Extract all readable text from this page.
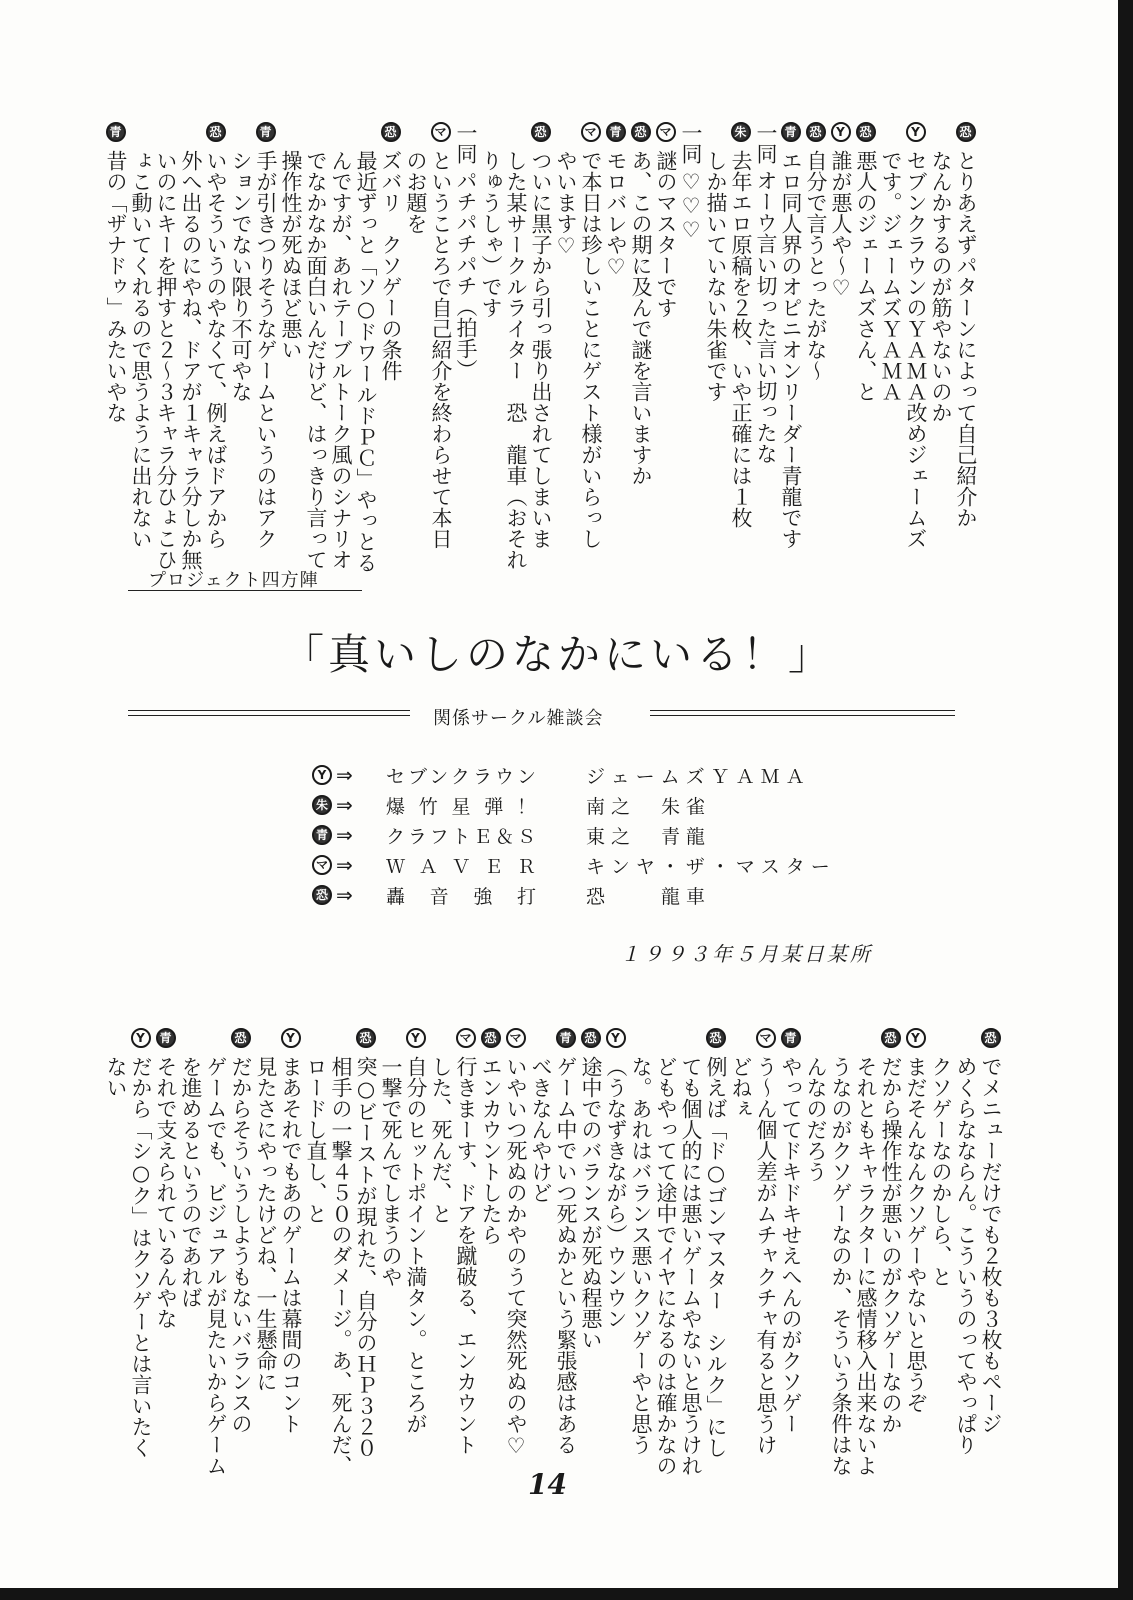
恐
とりあえずパターンによって自己紹介か
なんかするのが筋やないのか
Y
セブンクラウンのＹＡＭＡ改めジェームズ
です。ジェームズＹＡＭＡ
恐
悪人のジェームズさん、と
Y
誰が悪人や〜♡
恐
自分で言うとったがな〜
青
エロ同人界のオピニオンリーダー青龍です
一同
オーウ言い切った言い切ったな
朱
去年エロ原稿を２枚、いや正確には１枚
しか描いていない朱雀です
一同
♡♡♡
マ
謎のマスターです
恐
あ、この期に及んで謎を言いますか
青
モロバレや♡
マ
で本日は珍しいことにゲスト様がいらっし
やいます♡
恐
ついに黒子から引っ張り出されてしまいま
した某サークルライター　恐　龍車（おそれ
りゅうしゃ）です
一同
パチパチパチ（拍手）
マ
ということろで自己紹介を終わらせて本日
のお題を
恐
ズバリ　クソゲーの条件
最近ずっと「ソ○ドワールドＰＣ」やっとる
んですが、あれテーブルトーク風のシナリオ
でなかなか面白いんだけど、はっきり言って
操作性が死ぬほど悪い
青
手が引きつりそうなゲームというのはアク
ションでない限り不可やな
恐
いやそういうのやなくて、例えばドアから
外へ出るのにやね、ドアが１キャラ分しか無
いのにキーを押すと２〜３キャラ分ひょこひ
ょこ動いてくれるので思うように出れない
青
昔の「ザナドゥ」みたいやな
プロジェクト四方陣
「真いしのなかにいる！」
関係サークル雑談会
Y ⇒	セブンクラウン	ジェームズＹＡＭＡ
朱 ⇒	爆竹星弾！	南之　朱雀
青 ⇒	クラフトＥ＆Ｓ	東之　青龍
マ ⇒	ＷＡＶＥＲ	キンヤ・ザ・マスター
恐 ⇒	轟音強打	恐　　龍車
１９９３年５月某日某所
恐
でメニューだけでも２枚も３枚もページ
めくらなならん。こういうのってやっぱり
クソゲーなのかしら、と
Y
まだそんなんクソゲーやないと思うぞ
恐
だから操作性が悪いのがクソゲーなのか
それともキャラクターに感情移入出来ないよ
うなのがクソゲーなのか、そういう条件はな
んなのだろう
青
やっててドキドキせえへんのがクソゲー
マ
う〜ん個人差がムチャクチャ有ると思うけ
どねぇ
恐
例えば「ド○ゴンマスター　シルク」にし
ても個人的には悪いゲームやないと思うけれ
どもやってて途中でイヤになるのは確かなの
な。あれはバランス悪いクソゲーやと思う
Y
（うなずきながら）ウンウン
恐
途中でのバランスが死ぬ程悪い
青
ゲーム中でいつ死ぬかという緊張感はある
べきなんやけど
マ
いやいつ死ぬのかやのうて突然死ぬのや♡
恐
エンカウントしたら
マ
行きまーす、ドアを蹴破る、エンカウント
した、死んだ、と
Y
自分のヒットポイント満タン。ところが
一撃で死んでしまうのや
恐
突○ビーストが現れた、自分のＨＰ３２０
相手の一撃４５０のダメージ。あ、死んだ、
ロードし直し、と
Y
まあそれでもあのゲームは幕間のコント
見たさにやったけどね、一生懸命に
恐
だからそういうしようもないバランスの
ゲームでも、ビジュアルが見たいからゲーム
を進めるというのであれば
青
それで支えられているんやな
Y
だから「シ○ク」はクソゲーとは言いたく
ない
14
